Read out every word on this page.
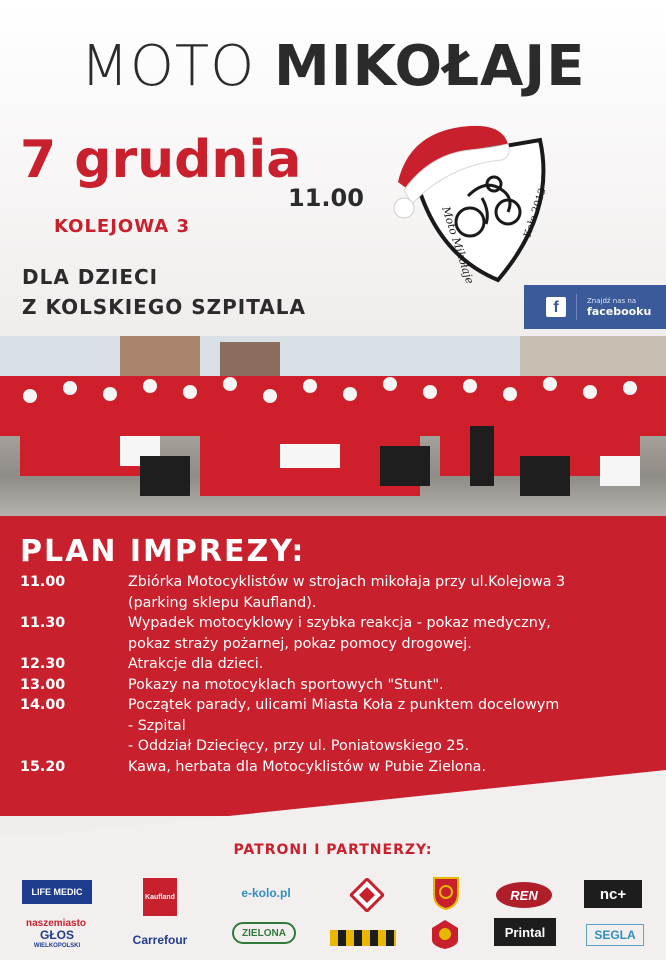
MOTO MIKOŁAJE
7 grudnia
11.00
KOLEJOWA 3
DLA DZIECI
Z KOLSKIEGO SZPITALA
Moto Mikołaje	Koło 2013
f	Znajdź nas na
facebooku
PLAN IMPREZY:
11.00	Zbiórka Motocyklistów w strojach mikołaja przy ul.Kolejowa 3
(parking sklepu Kaufland).
11.30	Wypadek motocyklowy i szybka reakcja - pokaz medyczny,
pokaz straży pożarnej, pokaz pomocy drogowej.
12.30	Atrakcje dla dzieci.
13.00	Pokazy na motocyklach sportowych "Stunt".
14.00	Początek parady, ulicami Miasta Koła z punktem docelowym
- Szpital
- Oddział Dziecięcy, przy ul. Poniatowskiego 25.
15.20	Kawa, herbata dla Motocyklistów w Pubie Zielona.
PATRONI I PARTNERZY:
LIFE MEDIC	Kaufland	e-kolo.pl	REN	nc+
naszemiasto
GŁOS
WIELKOPOLSKI	Carrefour	ZIELONA	Printal	SEGLA
